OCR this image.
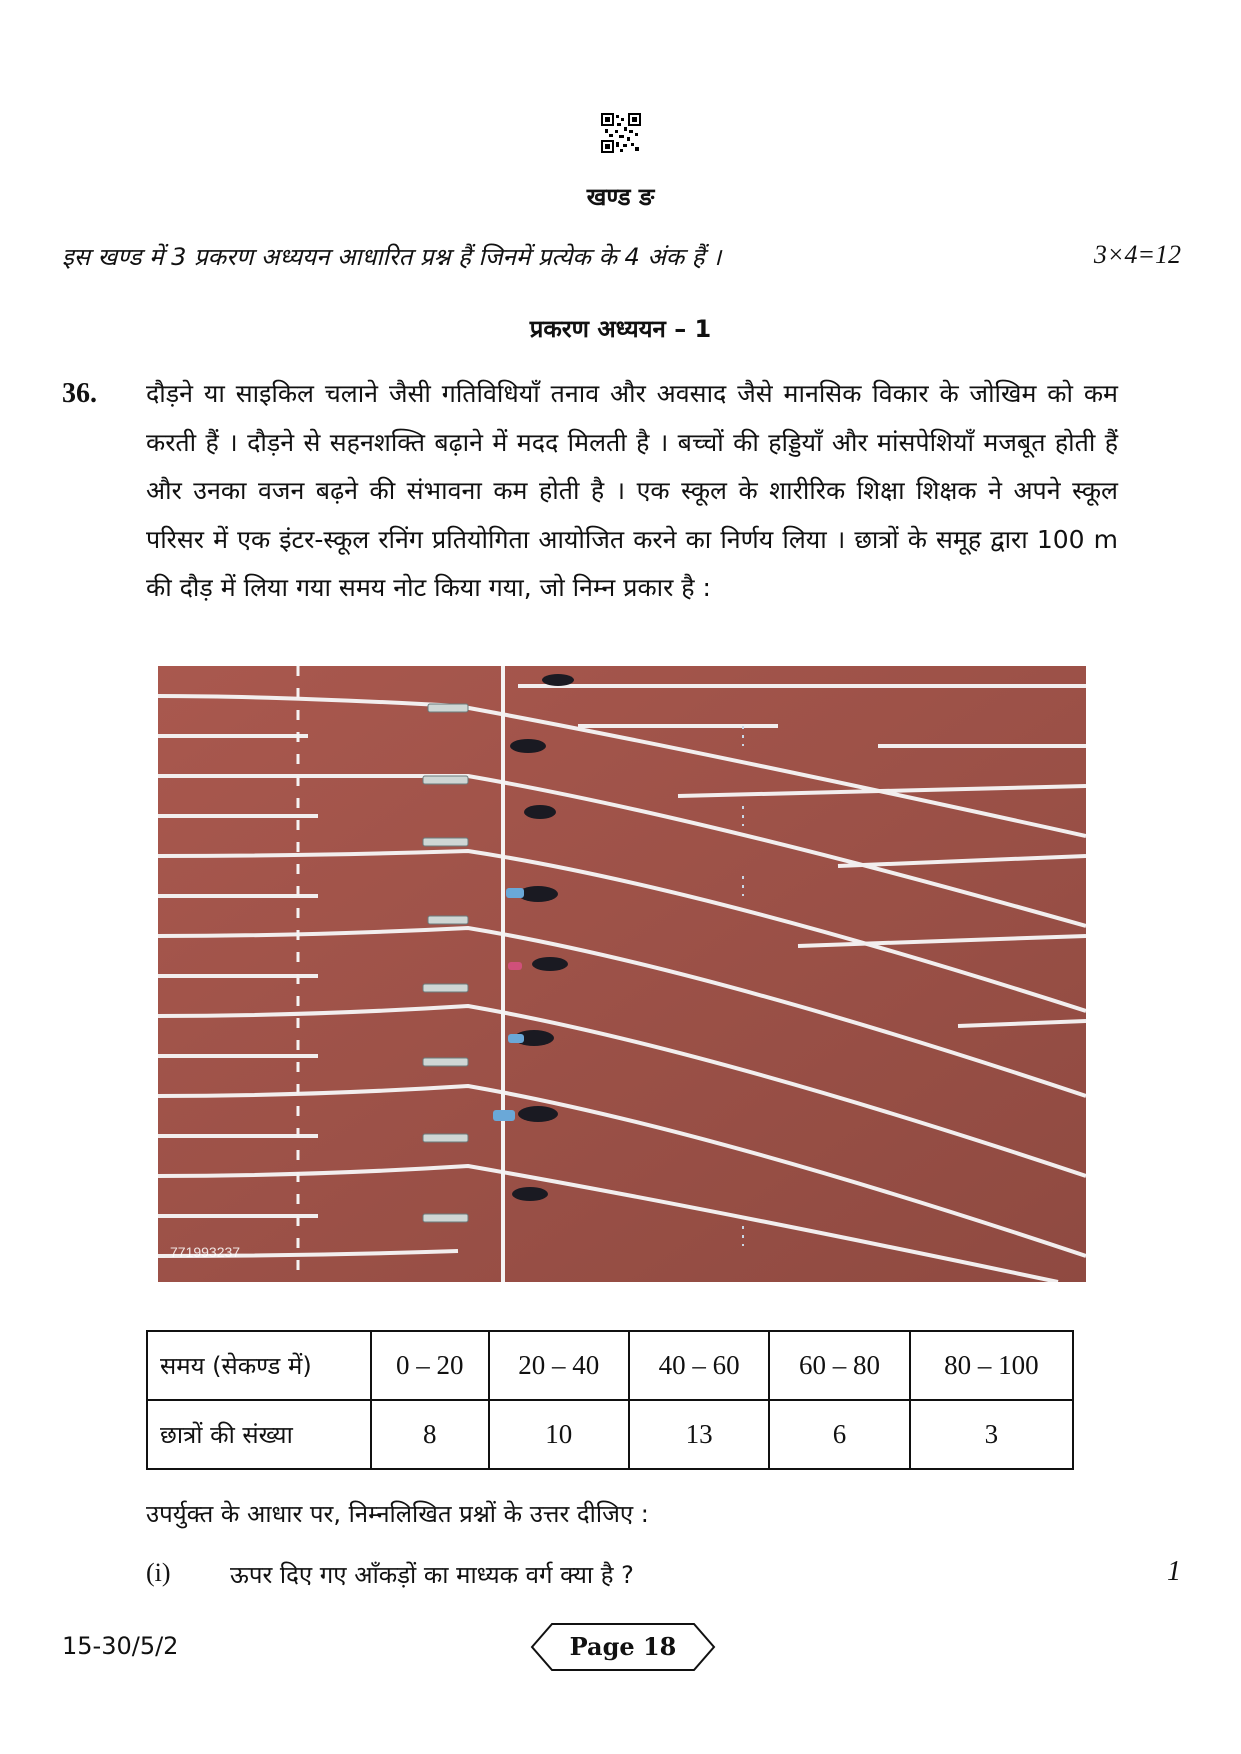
खण्ड ङ
इस खण्ड में 3 प्रकरण अध्ययन आधारित प्रश्न हैं जिनमें प्रत्येक के 4 अंक हैं ।	3×4=12
प्रकरण अध्ययन – 1
36. दौड़ने या साइकिल चलाने जैसी गतिविधियाँ तनाव और अवसाद जैसे मानसिक विकार के जोखिम को कम करती हैं । दौड़ने से सहनशक्ति बढ़ाने में मदद मिलती है । बच्चों की हड्डियाँ और मांसपेशियाँ मजबूत होती हैं और उनका वजन बढ़ने की संभावना कम होती है । एक स्कूल के शारीरिक शिक्षा शिक्षक ने अपने स्कूल परिसर में एक इंटर-स्कूल रनिंग प्रतियोगिता आयोजित करने का निर्णय लिया । छात्रों के समूह द्वारा 100 m की दौड़ में लिया गया समय नोट किया गया, जो निम्न प्रकार है :
771993237
समय (सेकण्ड में)	0 – 20	20 – 40	40 – 60	60 – 80	80 – 100
छात्रों की संख्या	8	10	13	6	3
उपर्युक्त के आधार पर, निम्नलिखित प्रश्नों के उत्तर दीजिए :
(i) ऊपर दिए गए आँकड़ों का माध्यक वर्ग क्या है ?	1
15-30/5/2	Page 18
